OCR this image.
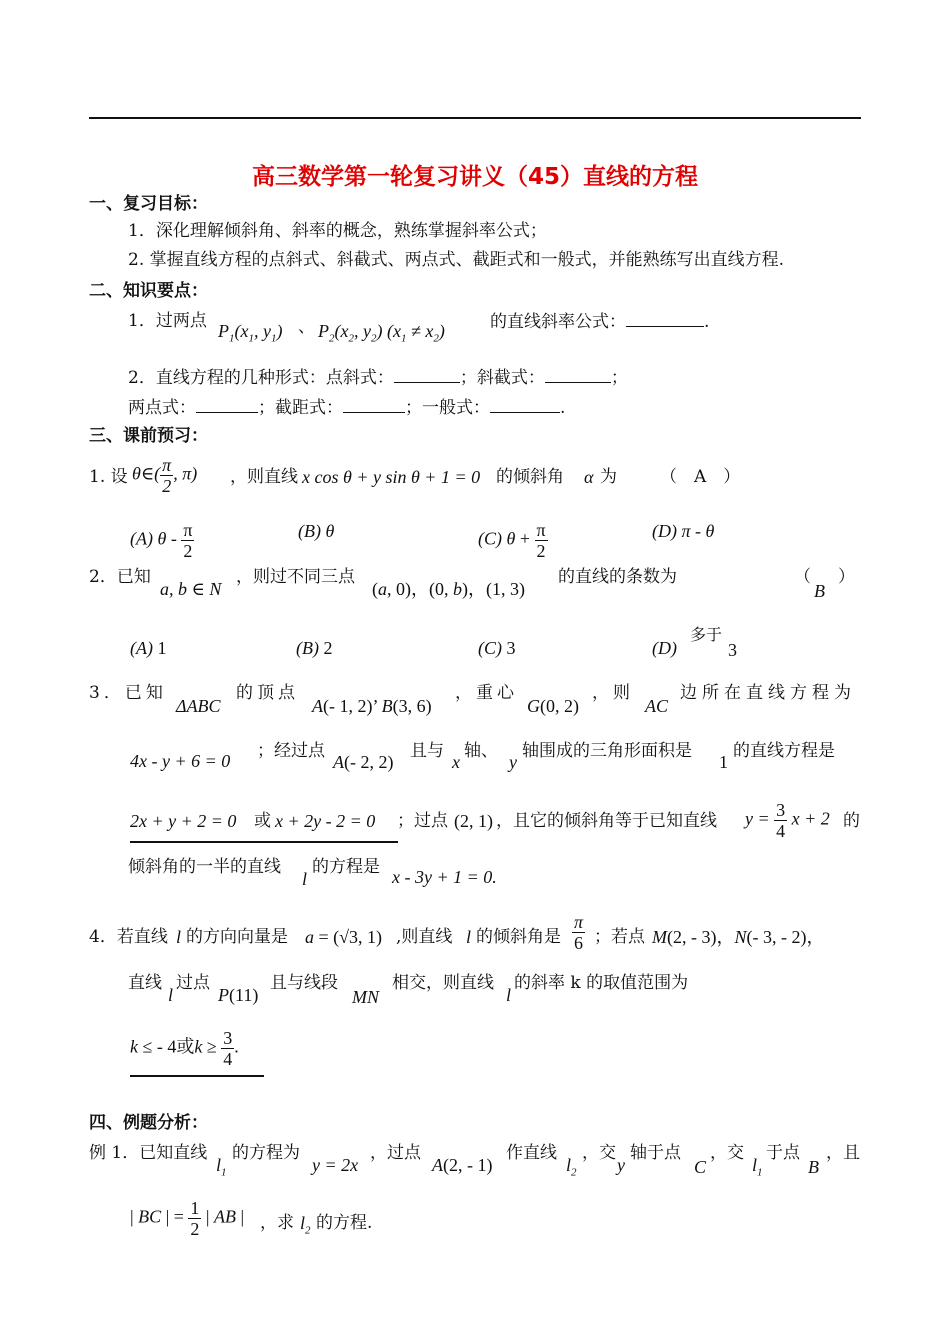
高三数学第一轮复习讲义（45）直线的方程
一、复习目标：
1．深化理解倾斜角、斜率的概念，熟练掌握斜率公式；
2. 掌握直线方程的点斜式、斜截式、两点式、截距式和一般式，并能熟练写出直线方程.
二、知识要点：
1．过两点 $P_1(x_1$, $y_1$) 、 $P_2(x_2$, $y_2$) $(x_1 \ne x_2)$	的直线斜率公式：	.
2．直线方程的几种形式：点斜式：	；斜截式：	；
两点式：	；截距式：	；一般式：	.
三、课前预习：
1. 设 θ∈( $\frac{\pi}{2}$ , π) ，则直线 x cos θ + y sin θ + 1 = 0 的倾斜角 α 为	（　A　）
(A) θ - $\frac{\pi}{2}$	(B) θ	(C) $\theta + \frac{\pi}{2}$	(D) π - θ
2．已知
a, b ∈ N
，则过不同三点
(a, 0)，(0, b)，(1, 3)
的直线的条数为	（
B
）
(A) 1	(B) 2	(C) 3	(D)
多于
3
3．已知
ΔABC
的顶点
A(- 1, 2)’ B(3, 6)
，重心
G(0, 2)
，则
AC
边所在直线方程为
4x - y + 6 = 0 ；经过点
A(- 2, 2)
且与
x
轴、
y
轴围成的三角形面积是
1
的直线方程是
2x + y + 2 = 0 或 x + 2y - 2 = 0 ；过点 (2, 1) ，且它的倾斜角等于已知直线 $y = \frac{3}{4}$ x + 2 的
倾斜角的一半的直线
l
的方程是 x - 3y + 1 = 0.
4．若直线 l 的方向向量是 a = (√3, 1) ,则直线 l 的倾斜角是 $\frac{\pi}{6}$ ；若点 M(2, - 3)，N(- 3, - 2)，
直线
l
过点
P(11)
且与线段
MN
相交，则直线
l
的斜率 k 的取值范围为
k ≤ - 4或$k \ge \frac{3}{4}$ .
四、例题分析：
例 1．已知直线
$l_1$
的方程为
y = 2x
，过点
A(2, - 1)
作直线
$l_2$
，交
y
轴于点
C
，交
$l_1$
于点
B
，且
| BC | = $\frac{1}{2}$ | AB | ，求 $l_2$ 的方程.
